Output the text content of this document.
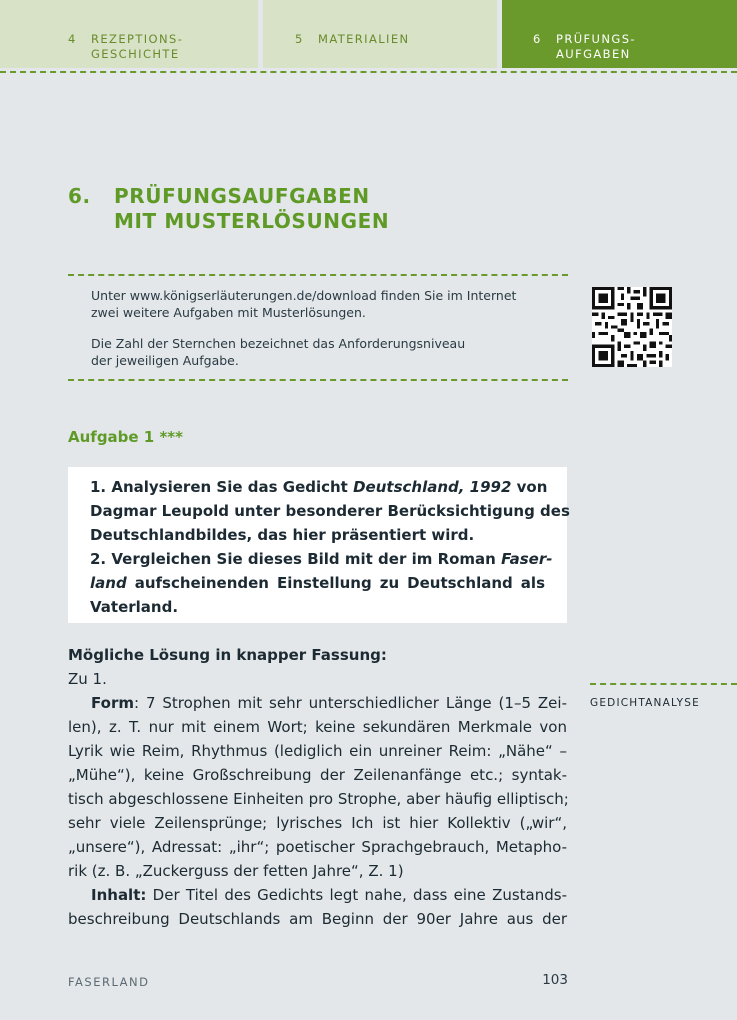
4 REZEPTIONS-
GESCHICHTE
5 MATERIALIEN	6 PRÜFUNGS-
AUFGABEN
6. PRÜFUNGSAUFGABEN
MIT MUSTERLÖSUNGEN
Unter www.königserläuterungen.de/download finden Sie im Internet
zwei weitere Aufgaben mit Musterlösungen.
Die Zahl der Sternchen bezeichnet das Anforderungsniveau
der jeweiligen Aufgabe.
Aufgabe 1 ***
1. Analysieren Sie das Gedicht Deutschland, 1992 von
Dagmar Leupold unter besonderer Berücksichtigung des
Deutschlandbildes, das hier präsentiert wird.
2. Vergleichen Sie dieses Bild mit der im Roman Faser-
land aufscheinenden Einstellung zu Deutschland als
Vaterland.
Mögliche Lösung in knapper Fassung:
Zu 1.
Form: 7 Strophen mit sehr unterschiedlicher Länge (1–5 Zei-
len), z. T. nur mit einem Wort; keine sekundären Merkmale von
Lyrik wie Reim, Rhythmus (lediglich ein unreiner Reim: „Nähe“ –
„Mühe“), keine Großschreibung der Zeilenanfänge etc.; syntak-
tisch abgeschlossene Einheiten pro Strophe, aber häufig elliptisch;
sehr viele Zeilensprünge; lyrisches Ich ist hier Kollektiv („wir“,
„unsere“), Adressat: „ihr“; poetischer Sprachgebrauch, Metapho-
rik (z. B. „Zuckerguss der fetten Jahre“, Z. 1)
Inhalt: Der Titel des Gedichts legt nahe, dass eine Zustands-
beschreibung Deutschlands am Beginn der 90er Jahre aus der
GEDICHTANALYSE
FASERLAND	103
